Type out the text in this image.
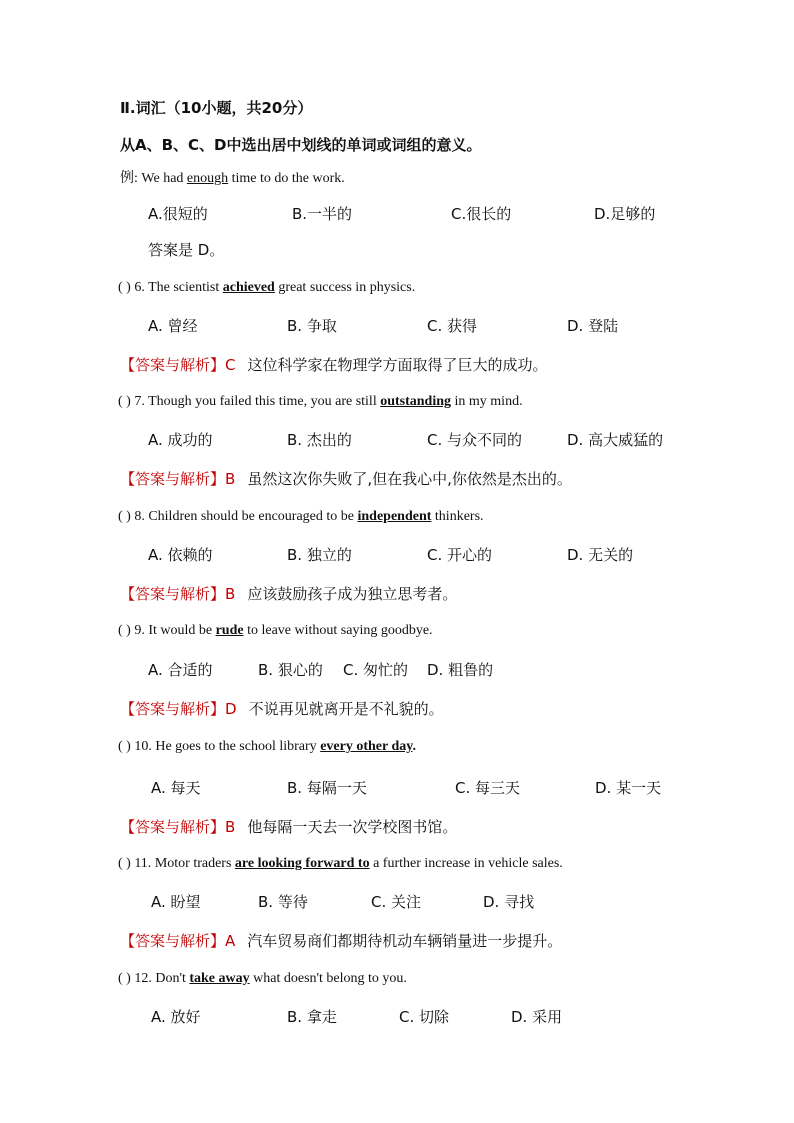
Ⅱ.词汇（10小题，共20分）
从A、B、C、D中选出居中划线的单词或词组的意义。
例: We had enough time to do the work.
A.很短的	B.一半的	C.很长的	D.足够的
答案是 D。
( ) 6. The scientist achieved great success in physics.
A. 曾经	B. 争取	C. 获得	D. 登陆
【答案与解析】C 这位科学家在物理学方面取得了巨大的成功。
( ) 7. Though you failed this time, you are still outstanding in my mind.
A. 成功的	B. 杰出的	C. 与众不同的	D. 高大威猛的
【答案与解析】B 虽然这次你失败了,但在我心中,你依然是杰出的。
( ) 8. Children should be encouraged to be independent thinkers.
A. 依赖的	B. 独立的	C. 开心的	D. 无关的
【答案与解析】B 应该鼓励孩子成为独立思考者。
( ) 9. It would be rude to leave without saying goodbye.
A. 合适的	B. 狠心的 C. 匆忙的 D. 粗鲁的
【答案与解析】D 不说再见就离开是不礼貌的。
( ) 10. He goes to the school library every other day.
A. 每天	B. 每隔一天	C. 每三天	D. 某一天
【答案与解析】B 他每隔一天去一次学校图书馆。
( ) 11. Motor traders are looking forward to a further increase in vehicle sales.
A. 盼望	B. 等待	C. 关注	D. 寻找
【答案与解析】A 汽车贸易商们都期待机动车辆销量进一步提升。
( ) 12. Don't take away what doesn't belong to you.
A. 放好	B. 拿走	C. 切除	D. 采用
